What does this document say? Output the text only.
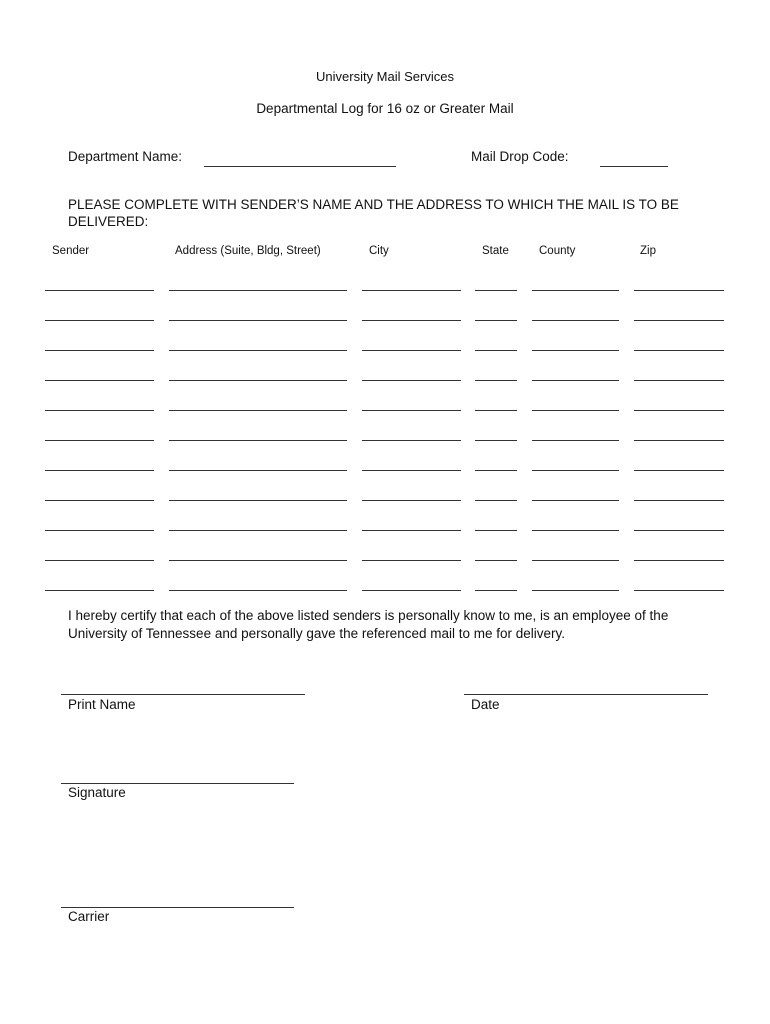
University Mail Services
Departmental Log for 16 oz or Greater Mail
Department Name:	Mail Drop Code:
PLEASE COMPLETE WITH SENDER’S NAME AND THE ADDRESS TO WHICH THE MAIL IS TO BE DELIVERED:
Sender	Address (Suite, Bldg, Street)	City	State	County	Zip
I hereby certify that each of the above listed senders is personally know to me, is an employee of the University of Tennessee and personally gave the referenced mail to me for delivery.
Print Name	Date
Signature
Carrier
